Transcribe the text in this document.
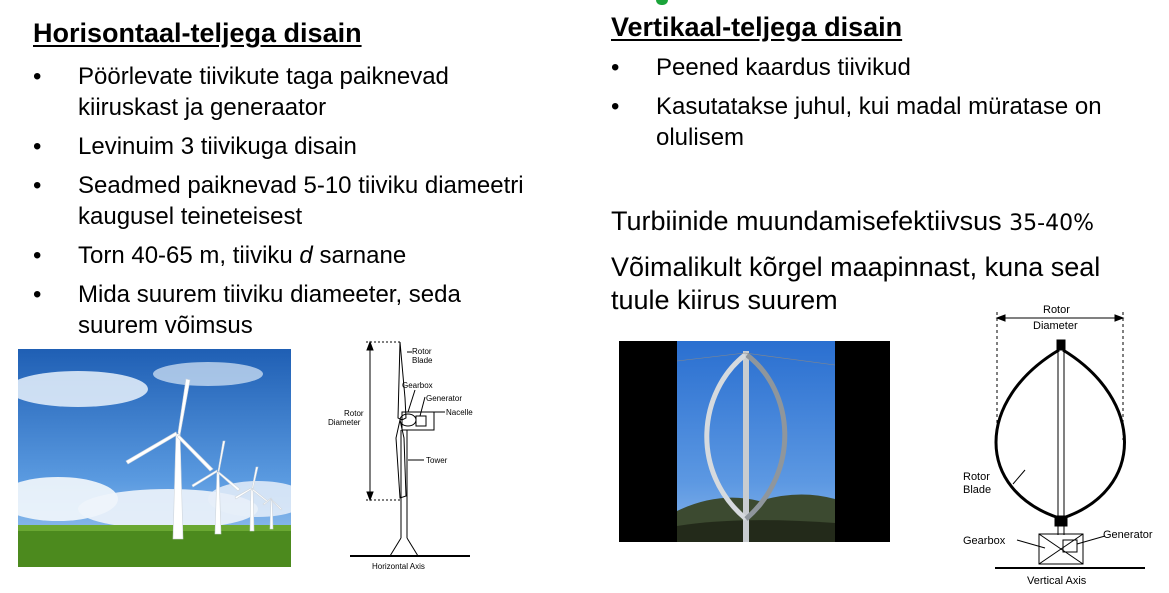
Horisontaal-teljega disain
• Pöörlevate tiivikute taga paiknevad
kiiruskast ja generaator
• Levinuim 3 tiivikuga disain
• Seadmed paiknevad 5-10 tiiviku diameetri
kaugusel teineteisest
• Torn 40-65 m, tiiviku d sarnane
• Mida suurem tiiviku diameeter, seda
suurem võimsus
Rotor
Blade
Gearbox
Generator
Nacelle
Rotor
Diameter
Tower
Horizontal Axis
Vertikaal-teljega disain
• Peened kaardus tiivikud
• Kasutatakse juhul, kui madal müratase on
olulisem
Turbiinide muundamisefektiivsus 35-40%
Võimalikult kõrgel maapinnast, kuna seal
tuule kiirus suurem	Rotor
Diameter
Rotor
Blade
Gearbox	Generator
Vertical Axis
